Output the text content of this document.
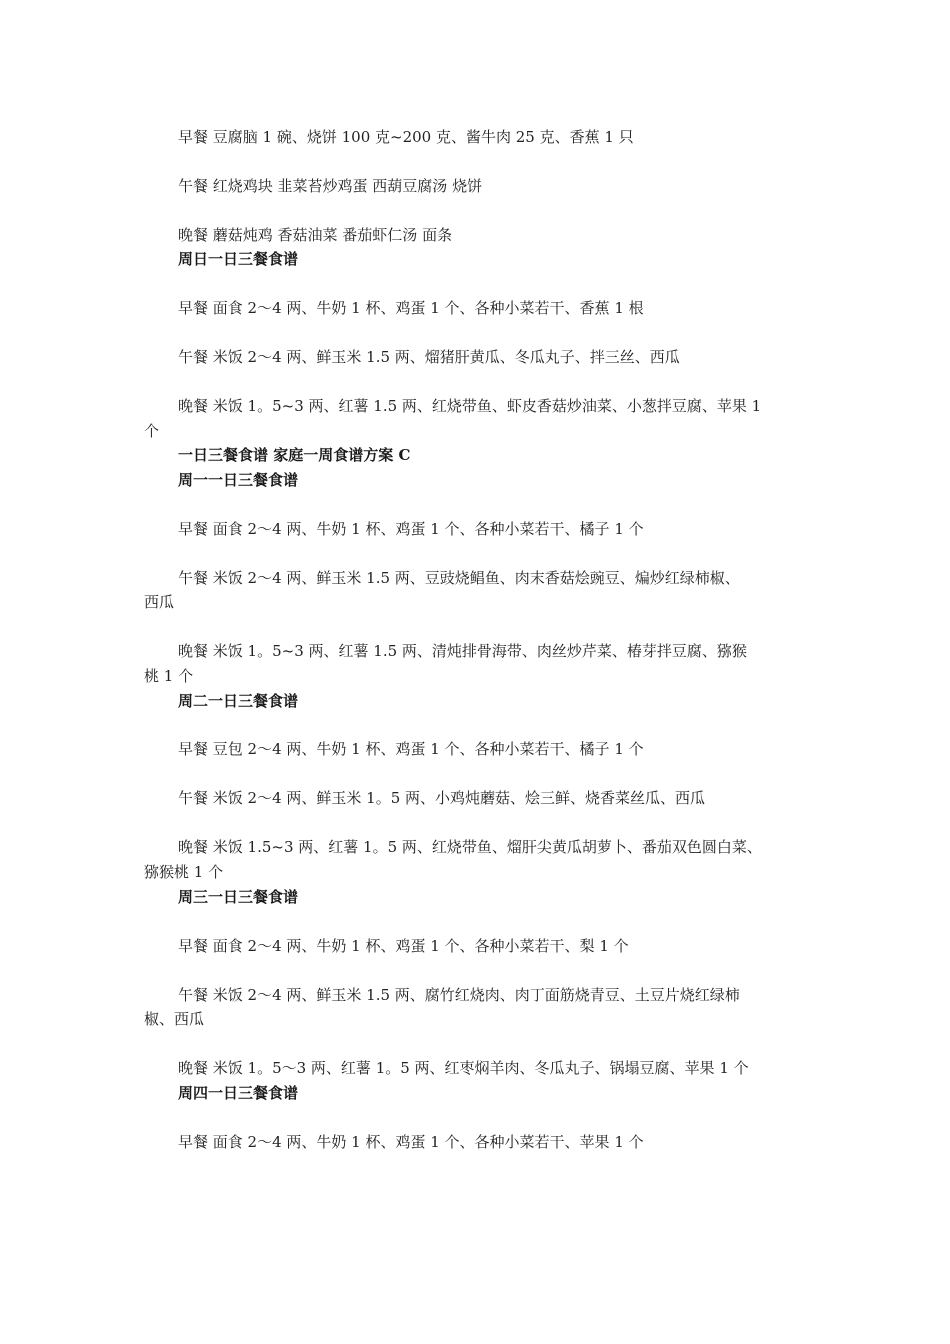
早餐 豆腐脑 1 碗、烧饼 100 克~200 克、酱牛肉 25 克、香蕉 1 只
午餐 红烧鸡块 韭菜苔炒鸡蛋 西葫豆腐汤 烧饼
晚餐 蘑菇炖鸡 香菇油菜 番茄虾仁汤 面条
周日一日三餐食谱
早餐 面食 2～4 两、牛奶 1 杯、鸡蛋 1 个、各种小菜若干、香蕉 1 根
午餐 米饭 2～4 两、鲜玉米 1.5 两、熘猪肝黄瓜、冬瓜丸子、拌三丝、西瓜
晚餐 米饭 1。5~3 两、红薯 1.5 两、红烧带鱼、虾皮香菇炒油菜、小葱拌豆腐、苹果 1
个
一日三餐食谱 家庭一周食谱方案 C
周一一日三餐食谱
早餐 面食 2～4 两、牛奶 1 杯、鸡蛋 1 个、各种小菜若干、橘子 1 个
午餐 米饭 2～4 两、鲜玉米 1.5 两、豆豉烧鲳鱼、肉末香菇烩豌豆、煸炒红绿柿椒、
西瓜
晚餐 米饭 1。5~3 两、红薯 1.5 两、清炖排骨海带、肉丝炒芹菜、椿芽拌豆腐、猕猴
桃 1 个
周二一日三餐食谱
早餐 豆包 2～4 两、牛奶 1 杯、鸡蛋 1 个、各种小菜若干、橘子 1 个
午餐 米饭 2～4 两、鲜玉米 1。5 两、小鸡炖蘑菇、烩三鲜、烧香菜丝瓜、西瓜
晚餐 米饭 1.5~3 两、红薯 1。5 两、红烧带鱼、熘肝尖黄瓜胡萝卜、番茄双色圆白菜、
猕猴桃 1 个
周三一日三餐食谱
早餐 面食 2～4 两、牛奶 1 杯、鸡蛋 1 个、各种小菜若干、梨 1 个
午餐 米饭 2～4 两、鲜玉米 1.5 两、腐竹红烧肉、肉丁面筋烧青豆、土豆片烧红绿柿
椒、西瓜
晚餐 米饭 1。5～3 两、红薯 1。5 两、红枣焖羊肉、冬瓜丸子、锅塌豆腐、苹果 1 个
周四一日三餐食谱
早餐 面食 2～4 两、牛奶 1 杯、鸡蛋 1 个、各种小菜若干、苹果 1 个
